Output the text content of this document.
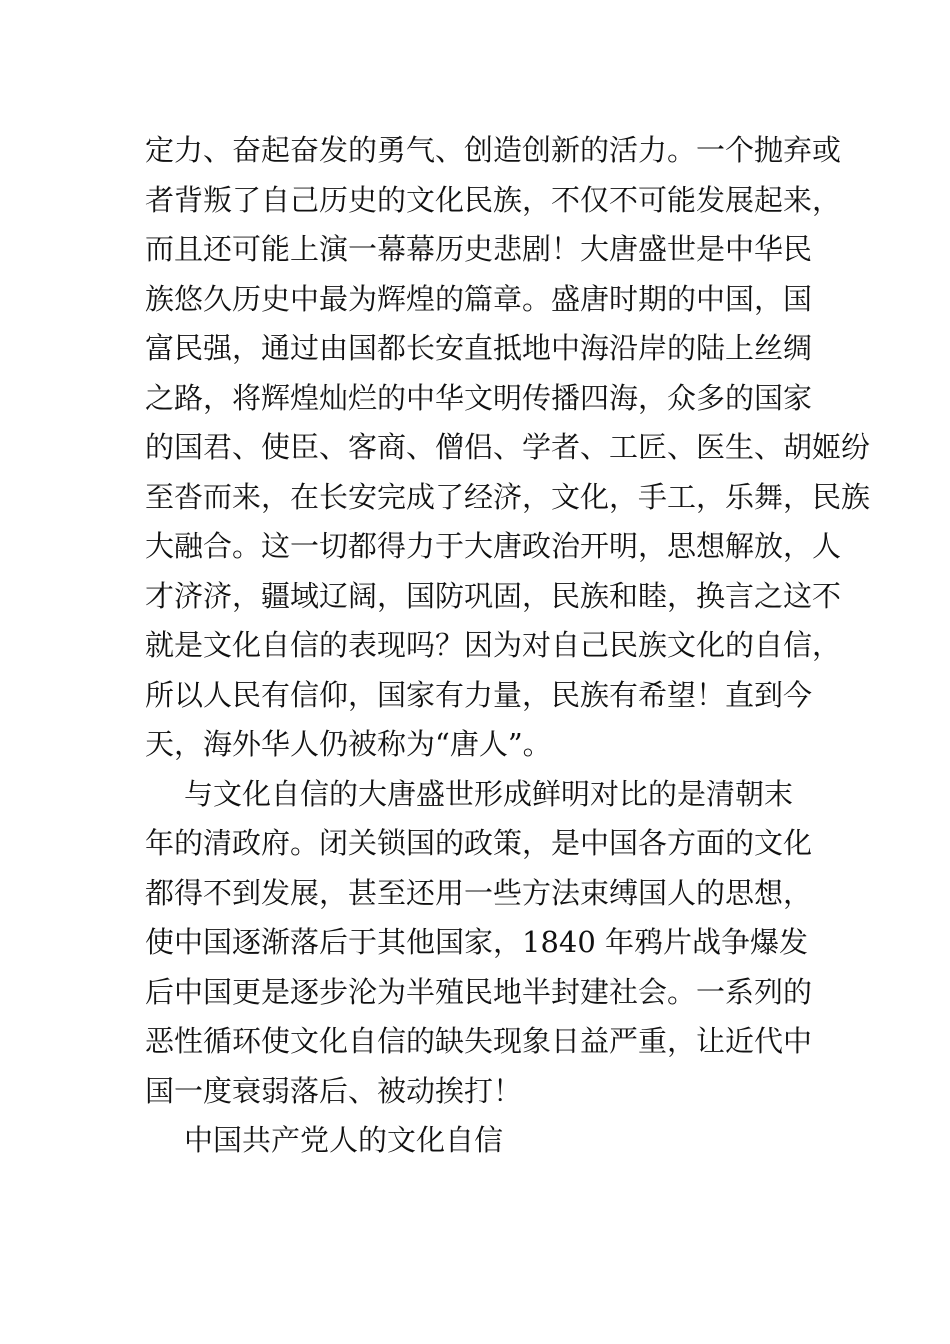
定力、奋起奋发的勇气、创造创新的活力。一个抛弃或
者背叛了自己历史的文化民族，不仅不可能发展起来，
而且还可能上演一幕幕历史悲剧！大唐盛世是中华民
族悠久历史中最为辉煌的篇章。盛唐时期的中国，国
富民强，通过由国都长安直抵地中海沿岸的陆上丝绸
之路，将辉煌灿烂的中华文明传播四海，众多的国家
的国君、使臣、客商、僧侣、学者、工匠、医生、胡姬纷
至沓而来，在长安完成了经济，文化，手工，乐舞，民族
大融合。这一切都得力于大唐政治开明，思想解放，人
才济济，疆域辽阔，国防巩固，民族和睦，换言之这不
就是文化自信的表现吗？因为对自己民族文化的自信，
所以人民有信仰，国家有力量，民族有希望！直到今
天，海外华人仍被称为“唐人”。
与文化自信的大唐盛世形成鲜明对比的是清朝末
年的清政府。闭关锁国的政策，是中国各方面的文化
都得不到发展，甚至还用一些方法束缚国人的思想，
使中国逐渐落后于其他国家，1840 年鸦片战争爆发
后中国更是逐步沦为半殖民地半封建社会。一系列的
恶性循环使文化自信的缺失现象日益严重，让近代中
国一度衰弱落后、被动挨打！
中国共产党人的文化自信
